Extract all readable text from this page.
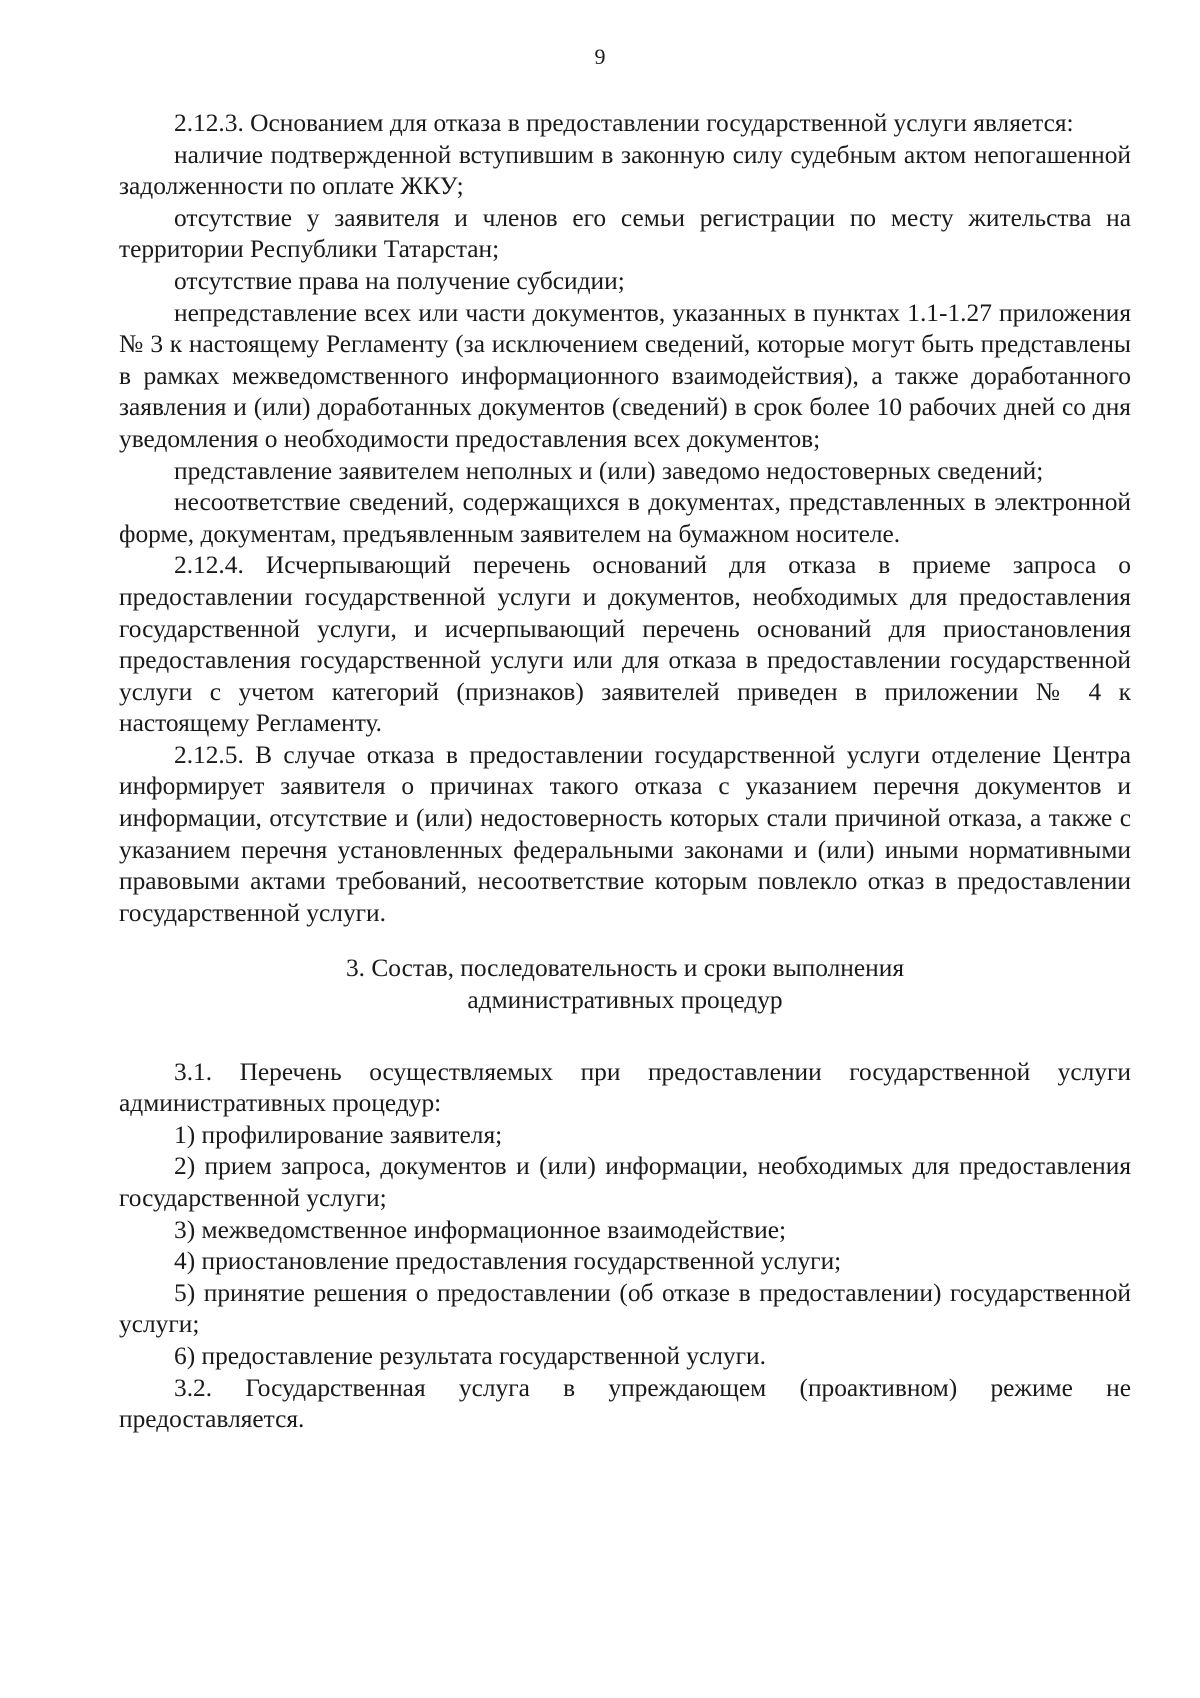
9

2.12.3. Основанием для отказа в предоставлении государственной услуги является:

наличие подтвержденной вступившим в законную силу судебным актом непогашенной задолженности по оплате ЖКУ;

отсутствие у заявителя и членов его семьи регистрации по месту жительства на территории Республики Татарстан;

отсутствие права на получение субсидии;

непредставление всех или части документов, указанных в пунктах 1.1-1.27 приложения № 3 к настоящему Регламенту (за исключением сведений, которые могут быть представлены в рамках межведомственного информационного взаимодействия), а также доработанного заявления и (или) доработанных документов (сведений) в срок более 10 рабочих дней со дня уведомления о необходимости предоставления всех документов;

представление заявителем неполных и (или) заведомо недостоверных сведений;

несоответствие сведений, содержащихся в документах, представленных в электронной форме, документам, предъявленным заявителем на бумажном носителе.

2.12.4. Исчерпывающий перечень оснований для отказа в приеме запроса о предоставлении государственной услуги и документов, необходимых для предоставления государственной услуги, и исчерпывающий перечень оснований для приостановления предоставления государственной услуги или для отказа в предоставлении государственной услуги с учетом категорий (признаков) заявителей приведен в приложении № 4 к настоящему Регламенту.

2.12.5. В случае отказа в предоставлении государственной услуги отделение Центра информирует заявителя о причинах такого отказа с указанием перечня документов и информации, отсутствие и (или) недостоверность которых стали причиной отказа, а также с указанием перечня установленных федеральными законами и (или) иными нормативными правовыми актами требований, несоответствие которым повлекло отказ в предоставлении государственной услуги.

3. Состав, последовательность и сроки выполнения
административных процедур

3.1. Перечень осуществляемых при предоставлении государственной услуги административных процедур:

1) профилирование заявителя;

2) прием запроса, документов и (или) информации, необходимых для предоставления государственной услуги;

3) межведомственное информационное взаимодействие;

4) приостановление предоставления государственной услуги;

5) принятие решения о предоставлении (об отказе в предоставлении) государственной услуги;

6) предоставление результата государственной услуги.

3.2. Государственная услуга в упреждающем (проактивном) режиме не предоставляется.
